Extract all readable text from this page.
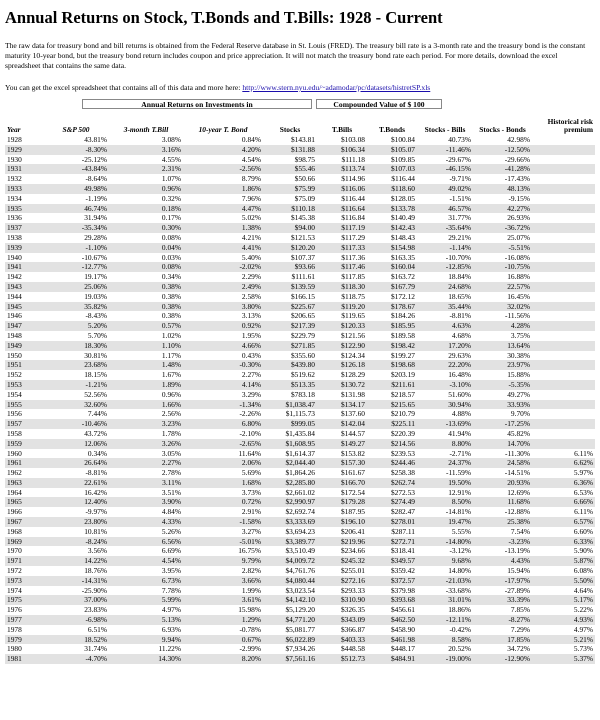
Annual Returns on Stock, T.Bonds and T.Bills: 1928 - Current
The raw data for treasury bond and bill returns is obtained from the Federal Reserve database in St. Louis (FRED). The treasury bill rate is a 3-month rate and the treasury bond is the constant maturity 10-year bond, but the treasury bond return includes coupon and price appreciation. It will not match the treasury bond rate each period. For more details, download the excel spreadsheet that contains the same data.
You can get the excel spreadsheet that contains all of this data and more here: http://www.stern.nyu.edu/~adamodar/pc/datasets/histretSP.xls
Annual Returns on Investments in	Compounded Value of $ 100
Year	S&P 500	3-month T.Bill	10-year T. Bond	Stocks	T.Bills	T.Bonds	Stocks - Bills	Stocks - Bonds	Historical risk premium
1928	43.81%	3.08%	0.84%	$143.81	$103.08	$100.84	40.73%	42.98%	
1929	-8.30%	3.16%	4.20%	$131.88	$106.34	$105.07	-11.46%	-12.50%	
1930	-25.12%	4.55%	4.54%	$98.75	$111.18	$109.85	-29.67%	-29.66%	
1931	-43.84%	2.31%	-2.56%	$55.46	$113.74	$107.03	-46.15%	-41.28%	
1932	-8.64%	1.07%	8.79%	$50.66	$114.96	$116.44	-9.71%	-17.43%	
1933	49.98%	0.96%	1.86%	$75.99	$116.06	$118.60	49.02%	48.13%	
1934	-1.19%	0.32%	7.96%	$75.09	$116.44	$128.05	-1.51%	-9.15%	
1935	46.74%	0.18%	4.47%	$110.18	$116.64	$133.78	46.57%	42.27%	
1936	31.94%	0.17%	5.02%	$145.38	$116.84	$140.49	31.77%	26.93%	
1937	-35.34%	0.30%	1.38%	$94.00	$117.19	$142.43	-35.64%	-36.72%	
1938	29.28%	0.08%	4.21%	$121.53	$117.29	$148.43	29.21%	25.07%	
1939	-1.10%	0.04%	4.41%	$120.20	$117.33	$154.98	-1.14%	-5.51%	
1940	-10.67%	0.03%	5.40%	$107.37	$117.36	$163.35	-10.70%	-16.08%	
1941	-12.77%	0.08%	-2.02%	$93.66	$117.46	$160.04	-12.85%	-10.75%	
1942	19.17%	0.34%	2.29%	$111.61	$117.85	$163.72	18.84%	16.88%	
1943	25.06%	0.38%	2.49%	$139.59	$118.30	$167.79	24.68%	22.57%	
1944	19.03%	0.38%	2.58%	$166.15	$118.75	$172.12	18.65%	16.45%	
1945	35.82%	0.38%	3.80%	$225.67	$119.20	$178.67	35.44%	32.02%	
1946	-8.43%	0.38%	3.13%	$206.65	$119.65	$184.26	-8.81%	-11.56%	
1947	5.20%	0.57%	0.92%	$217.39	$120.33	$185.95	4.63%	4.28%	
1948	5.70%	1.02%	1.95%	$229.79	$121.56	$189.58	4.68%	3.75%	
1949	18.30%	1.10%	4.66%	$271.85	$122.90	$198.42	17.20%	13.64%	
1950	30.81%	1.17%	0.43%	$355.60	$124.34	$199.27	29.63%	30.38%	
1951	23.68%	1.48%	-0.30%	$439.80	$126.18	$198.68	22.20%	23.97%	
1952	18.15%	1.67%	2.27%	$519.62	$128.29	$203.19	16.48%	15.88%	
1953	-1.21%	1.89%	4.14%	$513.35	$130.72	$211.61	-3.10%	-5.35%	
1954	52.56%	0.96%	3.29%	$783.18	$131.98	$218.57	51.60%	49.27%	
1955	32.60%	1.66%	-1.34%	$1,038.47	$134.17	$215.65	30.94%	33.93%	
1956	7.44%	2.56%	-2.26%	$1,115.73	$137.60	$210.79	4.88%	9.70%	
1957	-10.46%	3.23%	6.80%	$999.05	$142.04	$225.11	-13.69%	-17.25%	
1958	43.72%	1.78%	-2.10%	$1,435.84	$144.57	$220.39	41.94%	45.82%	
1959	12.06%	3.26%	-2.65%	$1,608.95	$149.27	$214.56	8.80%	14.70%	
1960	0.34%	3.05%	11.64%	$1,614.37	$153.82	$239.53	-2.71%	-11.30%	6.11%
1961	26.64%	2.27%	2.06%	$2,044.40	$157.30	$244.46	24.37%	24.58%	6.62%
1962	-8.81%	2.78%	5.69%	$1,864.26	$161.67	$258.38	-11.59%	-14.51%	5.97%
1963	22.61%	3.11%	1.68%	$2,285.80	$166.70	$262.74	19.50%	20.93%	6.36%
1964	16.42%	3.51%	3.73%	$2,661.02	$172.54	$272.53	12.91%	12.69%	6.53%
1965	12.40%	3.90%	0.72%	$2,990.97	$179.28	$274.49	8.50%	11.68%	6.66%
1966	-9.97%	4.84%	2.91%	$2,692.74	$187.95	$282.47	-14.81%	-12.88%	6.11%
1967	23.80%	4.33%	-1.58%	$3,333.69	$196.10	$278.01	19.47%	25.38%	6.57%
1968	10.81%	5.26%	3.27%	$3,694.23	$206.41	$287.11	5.55%	7.54%	6.60%
1969	-8.24%	6.56%	-5.01%	$3,389.77	$219.96	$272.71	-14.80%	-3.23%	6.33%
1970	3.56%	6.69%	16.75%	$3,510.49	$234.66	$318.41	-3.12%	-13.19%	5.90%
1971	14.22%	4.54%	9.79%	$4,009.72	$245.32	$349.57	9.68%	4.43%	5.87%
1972	18.76%	3.95%	2.82%	$4,761.76	$255.01	$359.42	14.80%	15.94%	6.08%
1973	-14.31%	6.73%	3.66%	$4,080.44	$272.16	$372.57	-21.03%	-17.97%	5.50%
1974	-25.90%	7.78%	1.99%	$3,023.54	$293.33	$379.98	-33.68%	-27.89%	4.64%
1975	37.00%	5.99%	3.61%	$4,142.10	$310.90	$393.68	31.01%	33.39%	5.17%
1976	23.83%	4.97%	15.98%	$5,129.20	$326.35	$456.61	18.86%	7.85%	5.22%
1977	-6.98%	5.13%	1.29%	$4,771.20	$343.09	$462.50	-12.11%	-8.27%	4.93%
1978	6.51%	6.93%	-0.78%	$5,081.77	$366.87	$458.90	-0.42%	7.29%	4.97%
1979	18.52%	9.94%	0.67%	$6,022.89	$403.33	$461.98	8.58%	17.85%	5.21%
1980	31.74%	11.22%	-2.99%	$7,934.26	$448.58	$448.17	20.52%	34.72%	5.73%
1981	-4.70%	14.30%	8.20%	$7,561.16	$512.73	$484.91	-19.00%	-12.90%	5.37%
